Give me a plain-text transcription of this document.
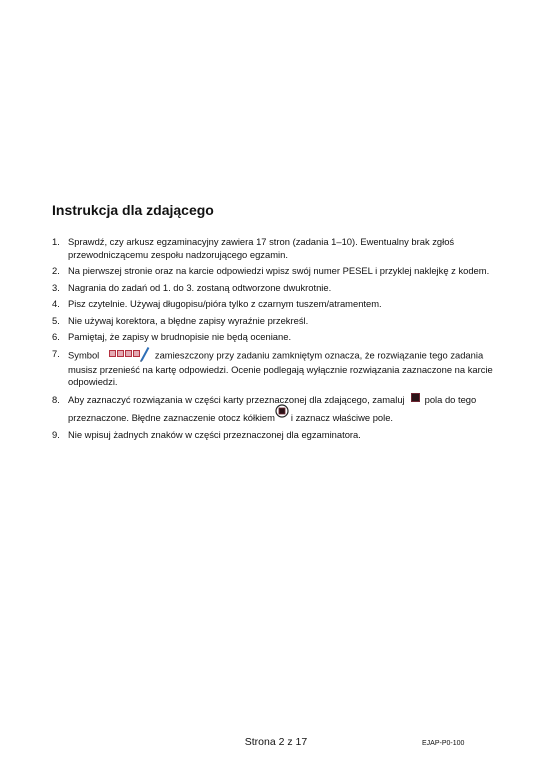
Instrukcja dla zdającego
1. Sprawdź, czy arkusz egzaminacyjny zawiera 17 stron (zadania 1–10). Ewentualny brak zgłoś przewodniczącemu zespołu nadzorującego egzamin.
2. Na pierwszej stronie oraz na karcie odpowiedzi wpisz swój numer PESEL i przyklej naklejkę z kodem.
3. Nagrania do zadań od 1. do 3. zostaną odtworzone dwukrotnie.
4. Pisz czytelnie. Używaj długopisu/pióra tylko z czarnym tuszem/atramentem.
5. Nie używaj korektora, a błędne zapisy wyraźnie przekreśl.
6. Pamiętaj, że zapisy w brudnopisie nie będą oceniane.
7. Symbol	zamieszczony przy zadaniu zamkniętym oznacza, że rozwiązanie tego zadania musisz przenieść na kartę odpowiedzi. Ocenie podlegają wyłącznie rozwiązania zaznaczone na karcie odpowiedzi.
8. Aby zaznaczyć rozwiązania w części karty przeznaczonej dla zdającego, zamaluj pola do tego przeznaczone. Błędne zaznaczenie otocz kółkiem i zaznacz właściwe pole.
9. Nie wpisuj żadnych znaków w części przeznaczonej dla egzaminatora.
Strona 2 z 17	EJAP-P0-100
